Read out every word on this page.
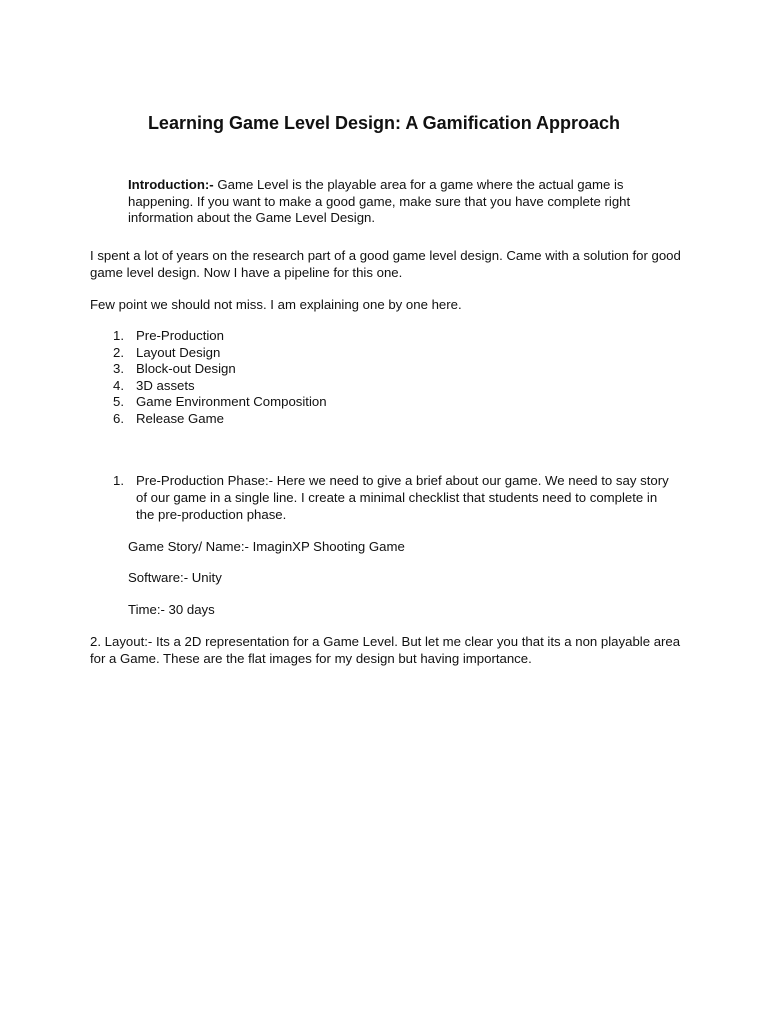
Learning Game Level Design: A Gamification Approach

Introduction:- Game Level is the playable area for a game where the actual game is happening. If you want to make a good game, make sure that you have complete right information about the Game Level Design.

I spent a lot of years on the research part of a good game level design. Came with a solution for good game level design. Now I have a pipeline for this one.

Few point we should not miss. I am explaining one by one here.

1. Pre-Production
2. Layout Design
3. Block-out Design
4. 3D assets
5. Game Environment Composition
6. Release Game
1. Pre-Production Phase:- Here we need to give a brief about our game. We need to say story of our game in a single line. I create a minimal checklist that students need to complete in the pre-production phase.

Game Story/ Name:- ImaginXP Shooting Game

Software:- Unity

Time:- 30 days

2. Layout:- Its a 2D representation for a Game Level. But let me clear you that its a non playable area for a Game. These are the flat images for my design but having importance.
